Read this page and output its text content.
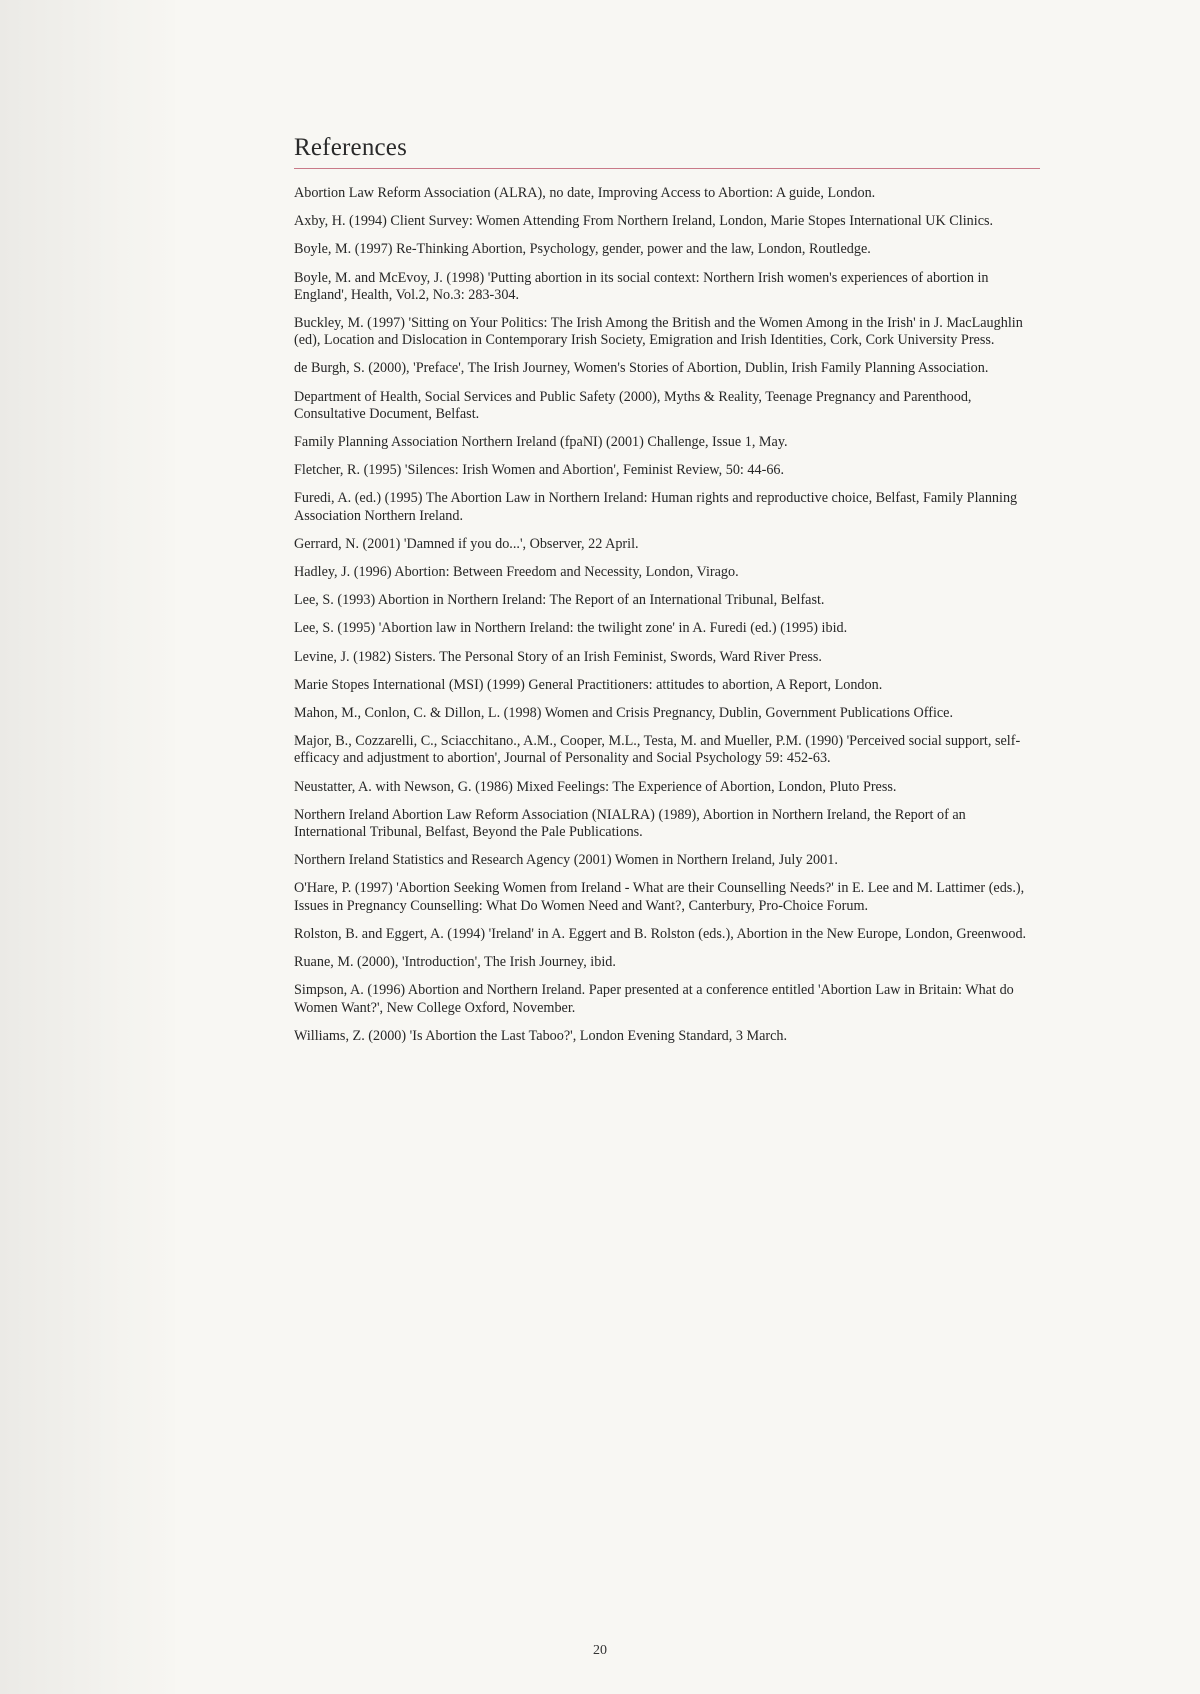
References

Abortion Law Reform Association (ALRA), no date, Improving Access to Abortion: A guide, London.

Axby, H. (1994) Client Survey: Women Attending From Northern Ireland, London, Marie Stopes International UK Clinics.

Boyle, M. (1997) Re-Thinking Abortion, Psychology, gender, power and the law, London, Routledge.

Boyle, M. and McEvoy, J. (1998) 'Putting abortion in its social context: Northern Irish women's experiences of abortion in England', Health, Vol.2, No.3: 283-304.

Buckley, M. (1997) 'Sitting on Your Politics: The Irish Among the British and the Women Among in the Irish' in J. MacLaughlin (ed), Location and Dislocation in Contemporary Irish Society, Emigration and Irish Identities, Cork, Cork University Press.

de Burgh, S. (2000), 'Preface', The Irish Journey, Women's Stories of Abortion, Dublin, Irish Family Planning Association.

Department of Health, Social Services and Public Safety (2000), Myths & Reality, Teenage Pregnancy and Parenthood, Consultative Document, Belfast.

Family Planning Association Northern Ireland (fpaNI) (2001) Challenge, Issue 1, May.

Fletcher, R. (1995) 'Silences: Irish Women and Abortion', Feminist Review, 50: 44-66.

Furedi, A. (ed.) (1995) The Abortion Law in Northern Ireland: Human rights and reproductive choice, Belfast, Family Planning Association Northern Ireland.

Gerrard, N. (2001) 'Damned if you do...', Observer, 22 April.

Hadley, J. (1996) Abortion: Between Freedom and Necessity, London, Virago.

Lee, S. (1993) Abortion in Northern Ireland: The Report of an International Tribunal, Belfast.

Lee, S. (1995) 'Abortion law in Northern Ireland: the twilight zone' in A. Furedi (ed.) (1995) ibid.

Levine, J. (1982) Sisters. The Personal Story of an Irish Feminist, Swords, Ward River Press.

Marie Stopes International (MSI) (1999) General Practitioners: attitudes to abortion, A Report, London.

Mahon, M., Conlon, C. & Dillon, L. (1998) Women and Crisis Pregnancy, Dublin, Government Publications Office.

Major, B., Cozzarelli, C., Sciacchitano., A.M., Cooper, M.L., Testa, M. and Mueller, P.M. (1990) 'Perceived social support, self-efficacy and adjustment to abortion', Journal of Personality and Social Psychology 59: 452-63.

Neustatter, A. with Newson, G. (1986) Mixed Feelings: The Experience of Abortion, London, Pluto Press.

Northern Ireland Abortion Law Reform Association (NIALRA) (1989), Abortion in Northern Ireland, the Report of an International Tribunal, Belfast, Beyond the Pale Publications.

Northern Ireland Statistics and Research Agency (2001) Women in Northern Ireland, July 2001.

O'Hare, P. (1997) 'Abortion Seeking Women from Ireland - What are their Counselling Needs?' in E. Lee and M. Lattimer (eds.), Issues in Pregnancy Counselling: What Do Women Need and Want?, Canterbury, Pro-Choice Forum.

Rolston, B. and Eggert, A. (1994) 'Ireland' in A. Eggert and B. Rolston (eds.), Abortion in the New Europe, London, Greenwood.

Ruane, M. (2000), 'Introduction', The Irish Journey, ibid.

Simpson, A. (1996) Abortion and Northern Ireland. Paper presented at a conference entitled 'Abortion Law in Britain: What do Women Want?', New College Oxford, November.

Williams, Z. (2000) 'Is Abortion the Last Taboo?', London Evening Standard, 3 March.

20
